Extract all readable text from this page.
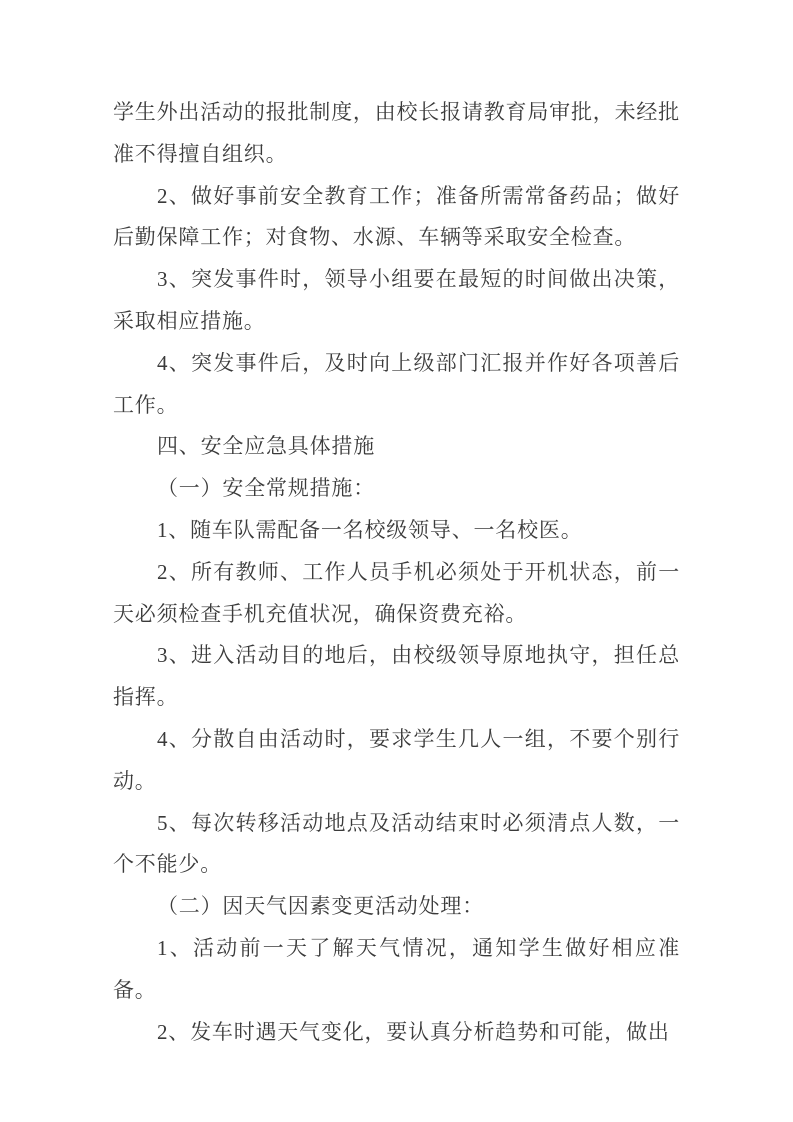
学生外出活动的报批制度，由校长报请教育局审批，未经批准不得擅自组织。

2、做好事前安全教育工作；准备所需常备药品；做好后勤保障工作；对食物、水源、车辆等采取安全检查。

3、突发事件时，领导小组要在最短的时间做出决策，采取相应措施。

4、突发事件后，及时向上级部门汇报并作好各项善后工作。

四、安全应急具体措施

（一）安全常规措施：

1、随车队需配备一名校级领导、一名校医。

2、所有教师、工作人员手机必须处于开机状态，前一天必须检查手机充值状况，确保资费充裕。

3、进入活动目的地后，由校级领导原地执守，担任总指挥。

4、分散自由活动时，要求学生几人一组，不要个别行动。

5、每次转移活动地点及活动结束时必须清点人数，一个不能少。

（二）因天气因素变更活动处理：

1、活动前一天了解天气情况，通知学生做好相应准备。

2、发车时遇天气变化，要认真分析趋势和可能，做出
